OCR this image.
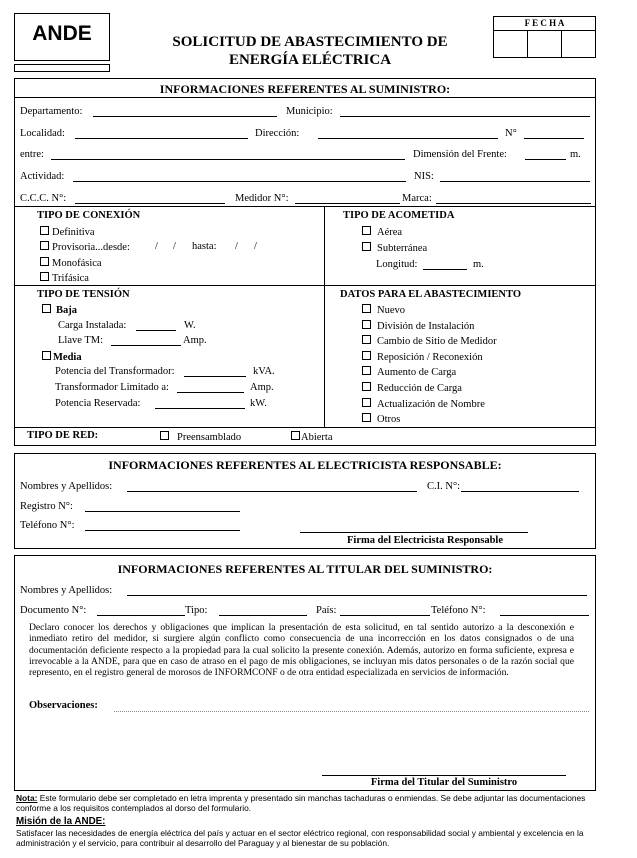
ANDE	SOLICITUD DE ABASTECIMIENTO DE
ENERGÍA ELÉCTRICA
F E C H A
INFORMACIONES REFERENTES AL SUMINISTRO:
Departamento:	Municipio:
Localidad:	Dirección:	N°
entre:	Dimensión del Frente:	m.
Actividad:	NIS:
C.C.C. N°:	Medidor N°:	Marca:
TIPO DE CONEXIÓN
Definitiva
Provisoria...desde: / / hasta: / /
Monofásica
Trifásica
TIPO DE ACOMETIDA
Aérea
Subterránea
Longitud:	m.
TIPO DE TENSIÓN
Baja
Carga Instalada:	W.
Llave TM:	Amp.
Media
Potencia del Transformador:	kVA.
Transformador Limitado a:	Amp.
Potencia Reservada:	kW.
DATOS PARA EL ABASTECIMIENTO
Nuevo
División de Instalación
Cambio de Sitio de Medidor
Reposición / Reconexión
Aumento de Carga
Reducción de Carga
Actualización de Nombre
Otros
TIPO DE RED:	Preensamblado	Abierta
INFORMACIONES REFERENTES AL ELECTRICISTA RESPONSABLE:
Nombres y Apellidos:	C.I. N°:
Registro N°:
Teléfono N°:
Firma del Electricista Responsable
INFORMACIONES REFERENTES AL TITULAR DEL SUMINISTRO:
Nombres y Apellidos:
Documento N°:	Tipo:	País:	Teléfono N°:
Declaro conocer los derechos y obligaciones que implican la presentación de esta solicitud, en tal sentido autorizo a la desconexión e inmediato retiro del medidor, si surgiere algún conflicto como consecuencia de una incorrección en los datos consignados o de una documentación deficiente respecto a la propiedad para la cual solicito la presente conexión. Además, autorizo en forma suficiente, expresa e irrevocable a la ANDE, para que en caso de atraso en el pago de mis obligaciones, se incluyan mis datos personales o de la razón social que represento, en el registro general de morosos de INFORMCONF o de otra entidad especializada en servicios de información.
Observaciones:
Firma del Titular del Suministro
Nota: Este formulario debe ser completado en letra imprenta y presentado sin manchas tachaduras o enmiendas. Se debe adjuntar las documentaciones conforme a los requisitos contemplados al dorso del formulario.
Misión de la ANDE:
Satisfacer las necesidades de energía eléctrica del país y actuar en el sector eléctrico regional, con responsabilidad social y ambiental y excelencia en la administración y el servicio, para contribuir al desarrollo del Paraguay y al bienestar de su población.
